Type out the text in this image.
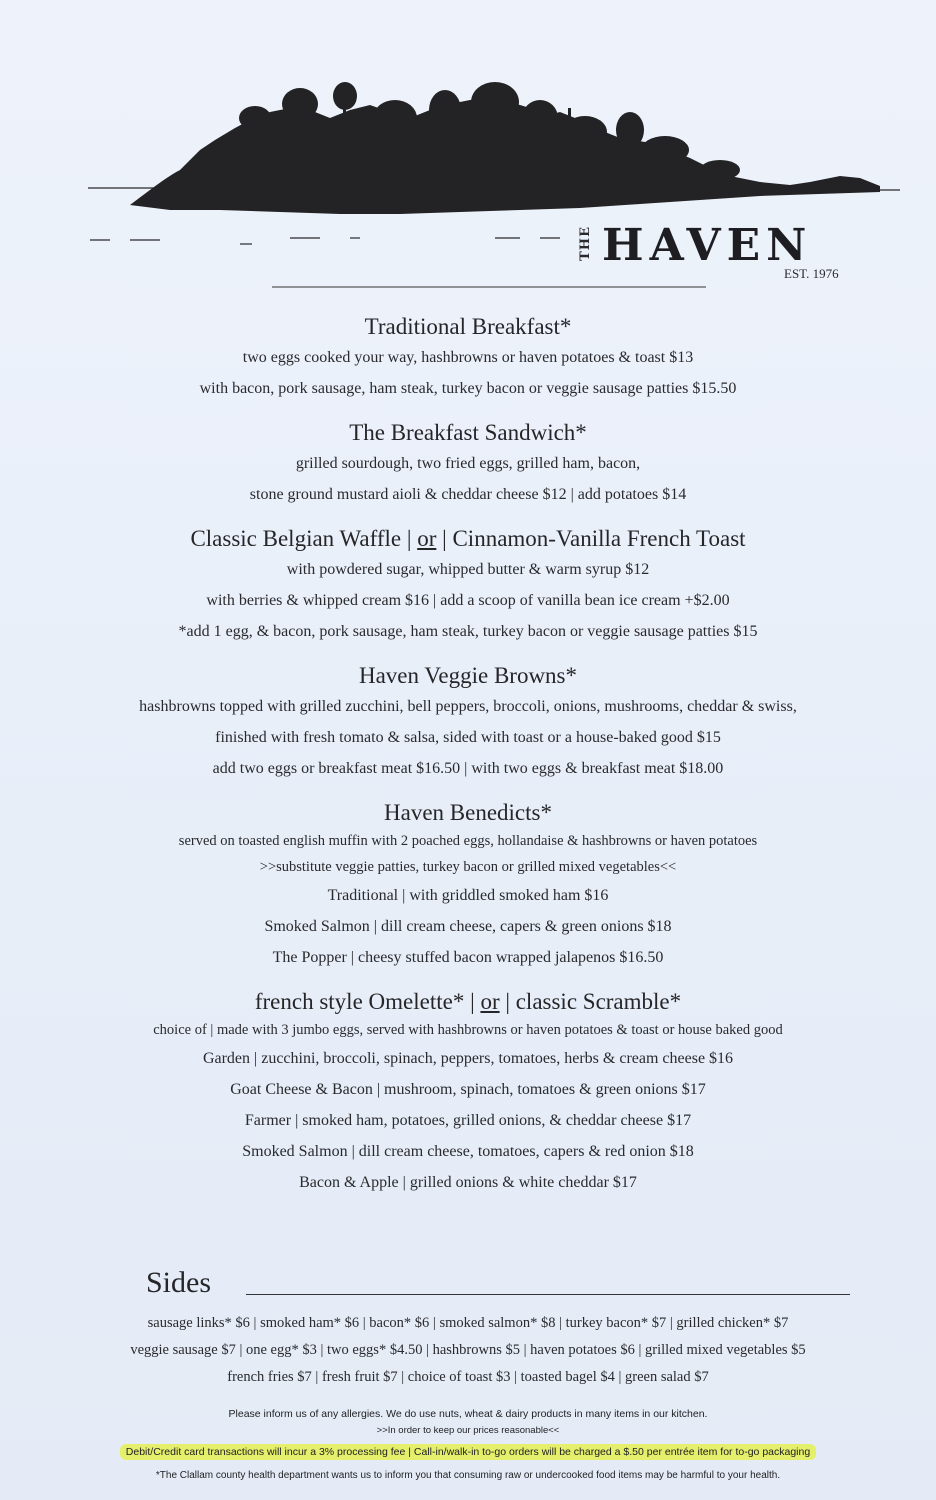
THE HAVEN
EST. 1976

Traditional Breakfast*

two eggs cooked your way, hashbrowns or haven potatoes & toast $13

with bacon, pork sausage, ham steak, turkey bacon or veggie sausage patties $15.50

The Breakfast Sandwich*

grilled sourdough, two fried eggs, grilled ham, bacon,

stone ground mustard aioli & cheddar cheese $12 | add potatoes $14

Classic Belgian Waffle | or | Cinnamon-Vanilla French Toast

with powdered sugar, whipped butter & warm syrup $12

with berries & whipped cream $16 | add a scoop of vanilla bean ice cream +$2.00

*add 1 egg, & bacon, pork sausage, ham steak, turkey bacon or veggie sausage patties $15

Haven Veggie Browns*

hashbrowns topped with grilled zucchini, bell peppers, broccoli, onions, mushrooms, cheddar & swiss,

finished with fresh tomato & salsa, sided with toast or a house-baked good $15

add two eggs or breakfast meat $16.50 | with two eggs & breakfast meat $18.00

Haven Benedicts*

served on toasted english muffin with 2 poached eggs, hollandaise & hashbrowns or haven potatoes

>>substitute veggie patties, turkey bacon or grilled mixed vegetables<<

Traditional | with griddled smoked ham $16

Smoked Salmon | dill cream cheese, capers & green onions $18

The Popper | cheesy stuffed bacon wrapped jalapenos $16.50

french style Omelette* | or | classic Scramble*

choice of | made with 3 jumbo eggs, served with hashbrowns or haven potatoes & toast or house baked good

Garden | zucchini, broccoli, spinach, peppers, tomatoes, herbs & cream cheese $16

Goat Cheese & Bacon | mushroom, spinach, tomatoes & green onions $17

Farmer | smoked ham, potatoes, grilled onions, & cheddar cheese $17

Smoked Salmon | dill cream cheese, tomatoes, capers & red onion $18

Bacon & Apple | grilled onions & white cheddar $17

Sides

sausage links* $6 | smoked ham* $6 | bacon* $6 | smoked salmon* $8 | turkey bacon* $7 | grilled chicken* $7

veggie sausage $7 | one egg* $3 | two eggs* $4.50 | hashbrowns $5 | haven potatoes $6 | grilled mixed vegetables $5

french fries $7 | fresh fruit $7 | choice of toast $3 | toasted bagel $4 | green salad $7

Please inform us of any allergies. We do use nuts, wheat & dairy products in many items in our kitchen.

>>In order to keep our prices reasonable<<

Debit/Credit card transactions will incur a 3% processing fee | Call-in/walk-in to-go orders will be charged a $.50 per entrée item for to-go packaging

*The Clallam county health department wants us to inform you that consuming raw or undercooked food items may be harmful to your health.
